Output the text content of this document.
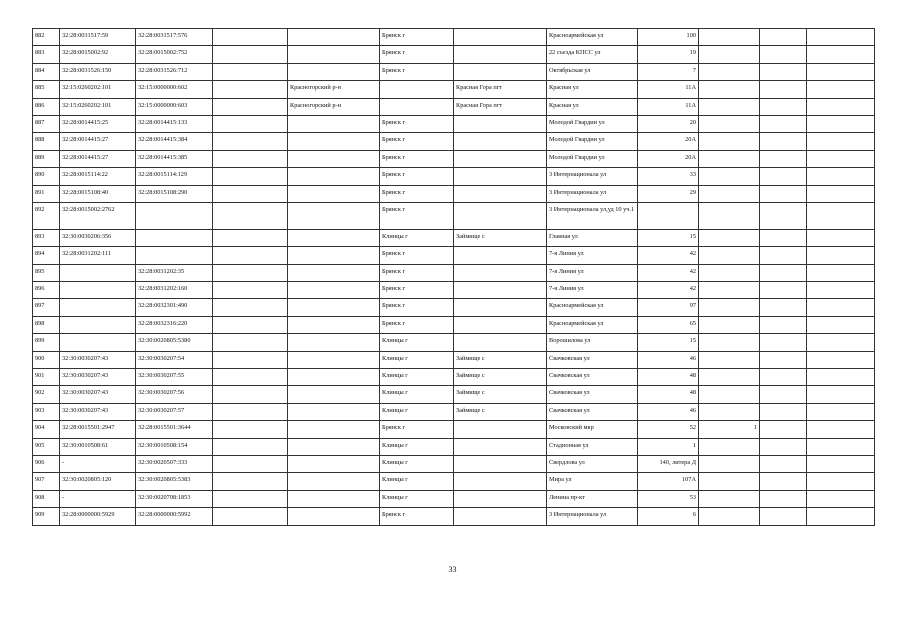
882	32:28:0031517:59	32:28:0031517:576			Брянск г		Красноармейская ул	100			
883	32:28:0015002:92	32:28:0015002:752			Брянск г		22 съезда КПСС ул	19			
884	32:28:0031526:150	32:28:0031526:712			Брянск г		Октябрьская ул	7			
885	32:15:0260202:101	32:15:0000000:602		Красногорский р-н		Красная Гора пгт	Красная ул	11А			
886	32:15:0260202:101	32:15:0000000:603		Красногорский р-н		Красная Гора пгт	Красная ул	11А			
887	32:28:0014415:25	32:28:0014415:133			Брянск г		Молодой Гвардии ул	20			
888	32:28:0014415:27	32:28:0014415:384			Брянск г		Молодой Гвардии ул	20А			
889	32:28:0014415:27	32:28:0014415:385			Брянск г		Молодой Гвардии ул	20А			
890	32:28:0015114:22	32:28:0015114:129			Брянск г		3 Интернационала ул	33			
891	32:28:0015108:40	32:28:0015108:290			Брянск г		3 Интернационала ул	29			
892	32:28:0015002:2762				Брянск г		3 Интернационала ул,уд 10 уч.1				
893	32:30:0030206:356				Клинцы г	Займище с	Главная ул	15			
894	32:28:0031202:111				Брянск г		7-я Линия ул	42			
895		32:28:0031202:35			Брянск г		7-я Линия ул	42			
896		32:28:0031202:160			Брянск г		7-я Линия ул	42			
897		32:28:0032301:490			Брянск г		Красноармейская ул	97			
898		32:28:0032316:220			Брянск г		Красноармейская ул	65			
899		32:30:0020805:5380			Клинцы г		Ворошилова ул	15			
900	32:30:0030207:43	32:30:0030207:54			Клинцы г	Займище с	Свачковская ул	46			
901	32:30:0030207:43	32:30:0030207:55			Клинцы г	Займище с	Свачковская ул	48			
902	32:30:0030207:43	32:30:0030207:56			Клинцы г	Займище с	Свачковская ул	48			
903	32:30:0030207:43	32:30:0030207:57			Клинцы г	Займище с	Свачковская ул	46			
904	32:28:0015501:2947	32:28:0015501:3644			Брянск г		Московский мкр	52	1		
905	32:30:0010508:61	32:30:0010508:154			Клинцы г		Стадионная ул	1			
906	-	32:30:0020507:333			Клинцы г		Свердлова ул	140, литера Д			
907	32:30:0020805:120	32:30:0020805:5383			Клинцы г		Мира ул	107А			
908	-	32:30:0020708:1853			Клинцы г		Ленина пр-кт	53			
909	32:28:0000000:5929	32:28:0000000:5992			Брянск г		3 Интернационала ул	6			
33
